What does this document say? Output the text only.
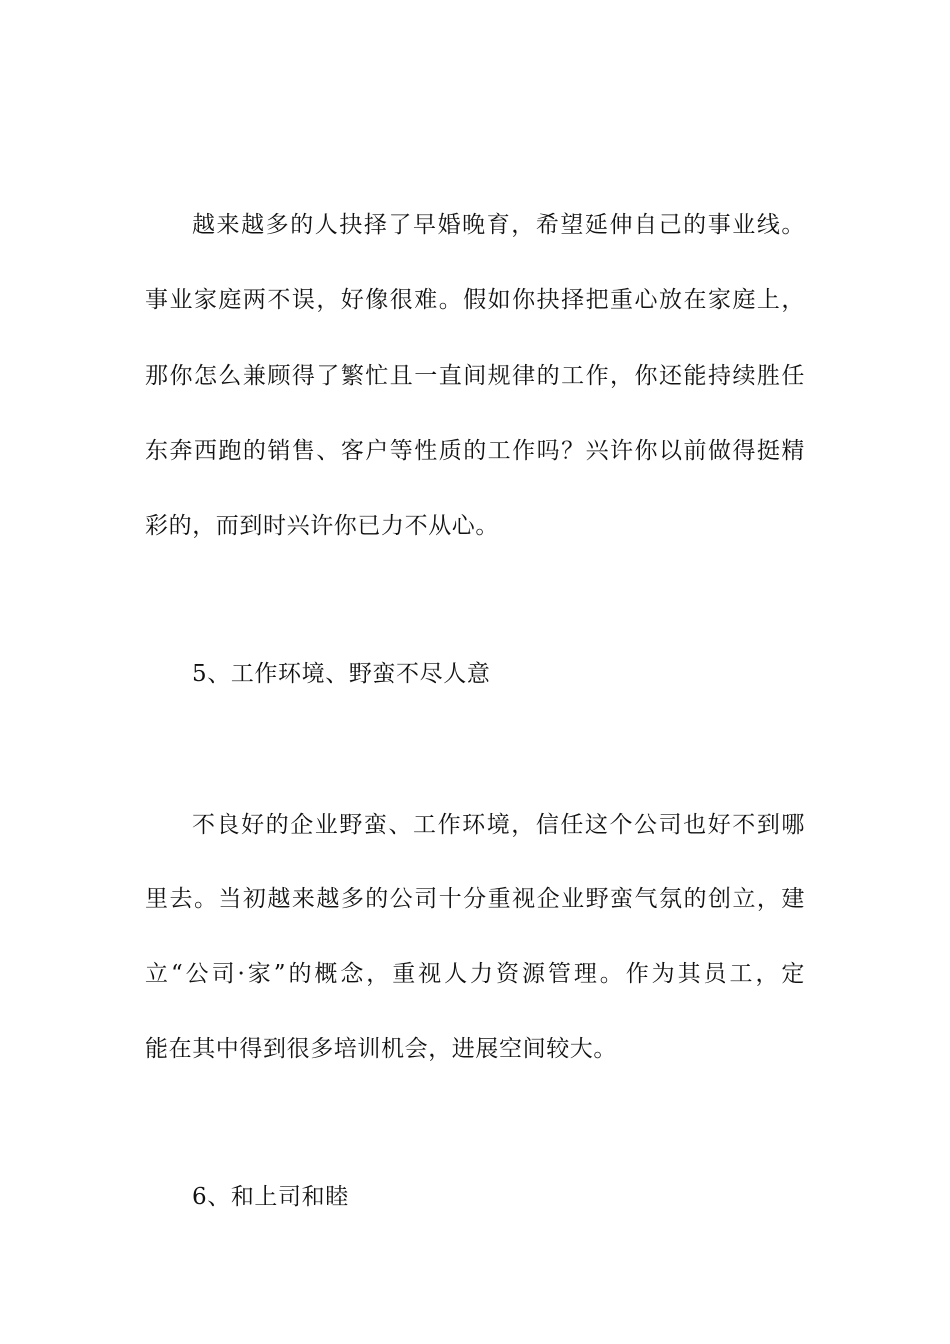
越来越多的人抉择了早婚晚育，希望延伸自己的事业线。
事业家庭两不误，好像很难。假如你抉择把重心放在家庭上，
那你怎么兼顾得了繁忙且一直间规律的工作，你还能持续胜任
东奔西跑的销售、客户等性质的工作吗？兴许你以前做得挺精
彩的，而到时兴许你已力不从心。
5、工作环境、野蛮不尽人意
不良好的企业野蛮、工作环境，信任这个公司也好不到哪
里去。当初越来越多的公司十分重视企业野蛮气氛的创立，建
立“公司·家”的概念，重视人力资源管理。作为其员工，定
能在其中得到很多培训机会，进展空间较大。
6、和上司和睦
